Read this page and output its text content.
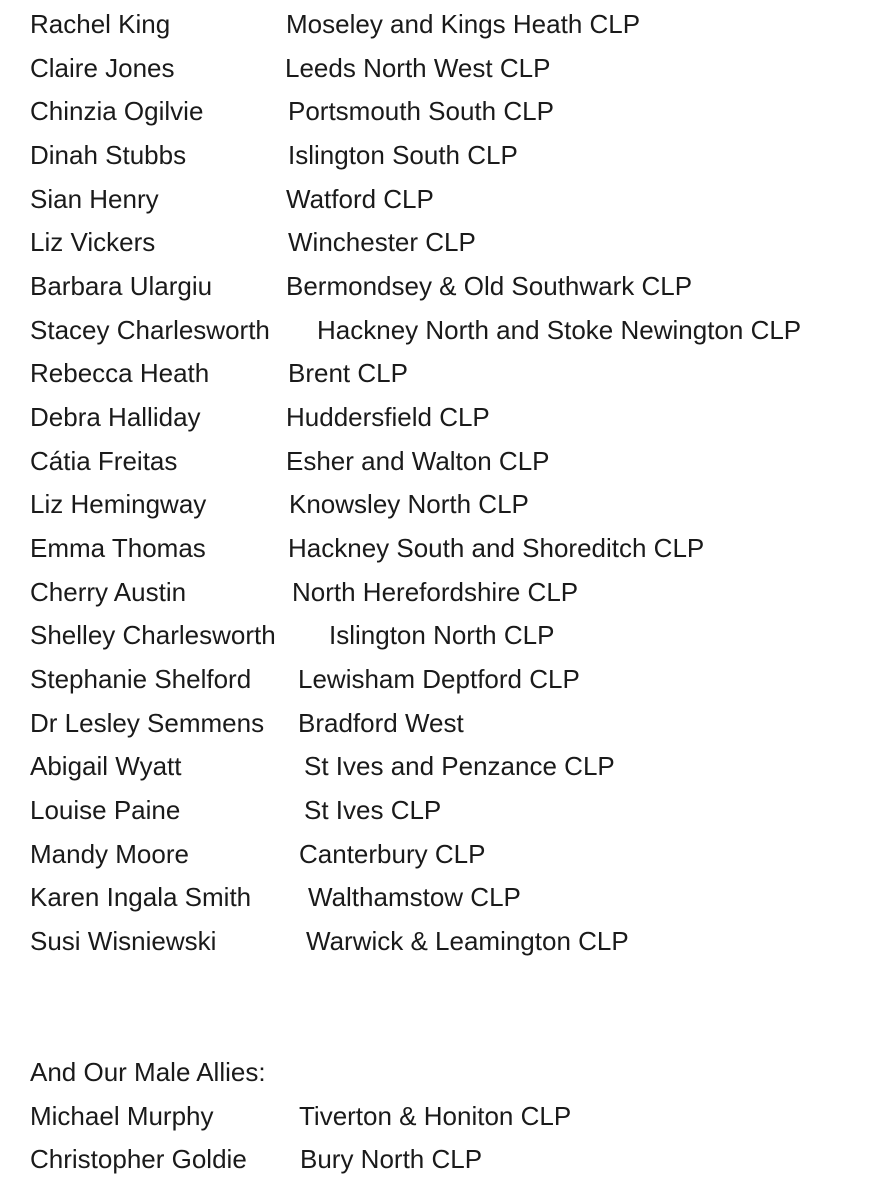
Rachel King	Moseley and Kings Heath CLP
Claire Jones	Leeds North West CLP
Chinzia Ogilvie	Portsmouth South CLP
Dinah Stubbs	Islington South CLP
Sian Henry	Watford CLP
Liz Vickers	Winchester CLP
Barbara Ulargiu	Bermondsey & Old Southwark CLP
Stacey Charlesworth Hackney North and Stoke Newington CLP
Rebecca Heath	Brent CLP
Debra Halliday	Huddersfield CLP
Cátia Freitas	Esher and Walton CLP
Liz Hemingway	Knowsley North CLP
Emma Thomas	Hackney South and Shoreditch CLP
Cherry Austin	North Herefordshire CLP
Shelley Charlesworth Islington North CLP
Stephanie Shelford Lewisham Deptford CLP
Dr Lesley Semmens Bradford West
Abigail Wyatt	St Ives and Penzance CLP
Louise Paine	St Ives CLP
Mandy Moore	Canterbury CLP
Karen Ingala Smith Walthamstow CLP
Susi Wisniewski	Warwick & Leamington CLP
And Our Male Allies:
Michael Murphy	Tiverton & Honiton CLP
Christopher Goldie Bury North CLP
